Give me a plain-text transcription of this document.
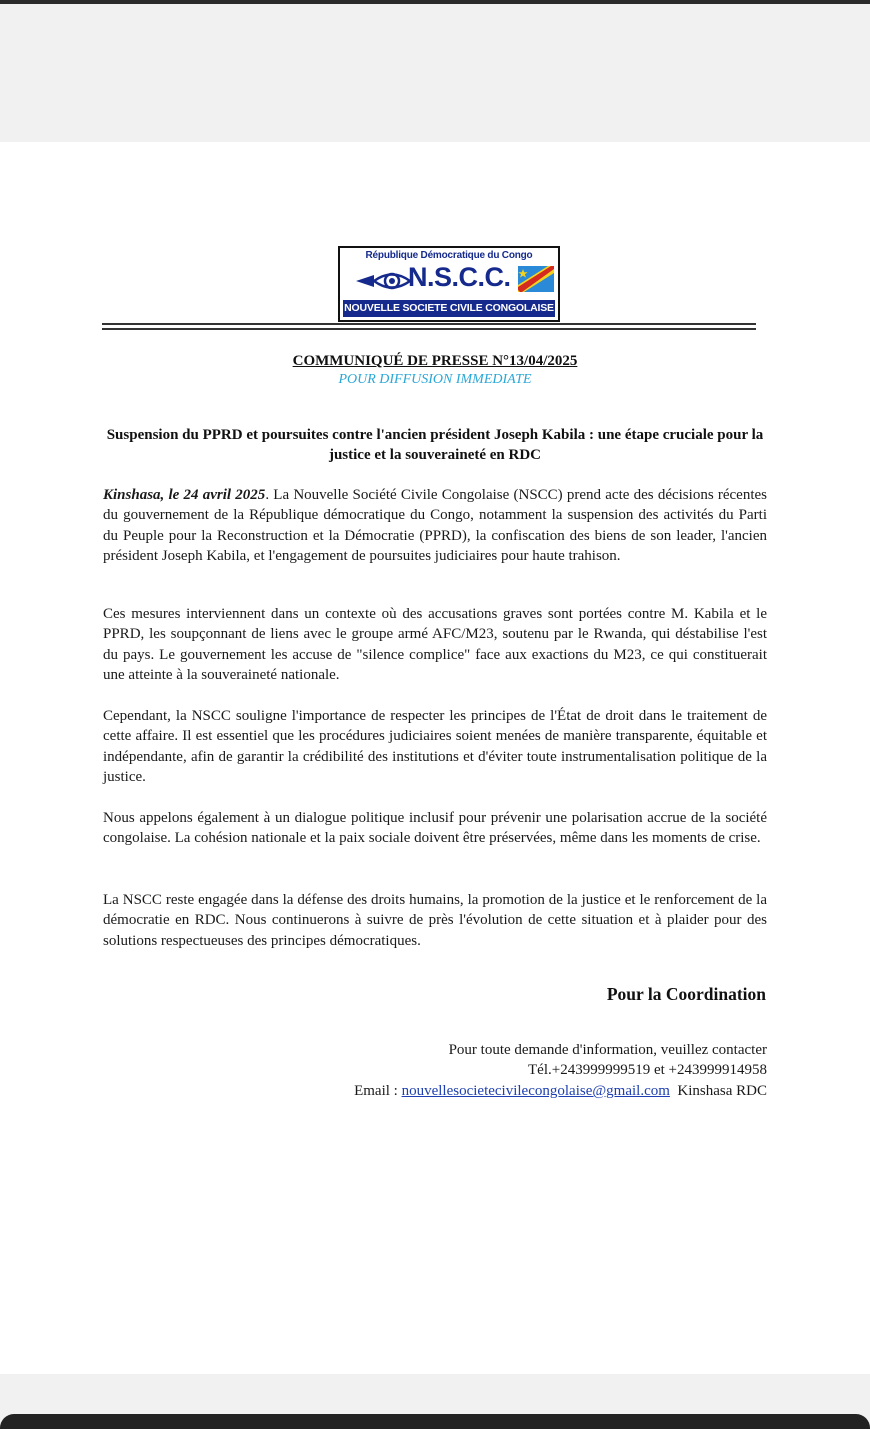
République Démocratique du Congo
N.S.C.C.
NOUVELLE SOCIETE CIVILE CONGOLAISE
COMMUNIQUÉ DE PRESSE N°13/04/2025
POUR DIFFUSION IMMEDIATE
Suspension du PPRD et poursuites contre l'ancien président Joseph Kabila : une étape cruciale pour la justice et la souveraineté en RDC

Kinshasa, le 24 avril 2025. La Nouvelle Société Civile Congolaise (NSCC) prend acte des décisions récentes du gouvernement de la République démocratique du Congo, notamment la suspension des activités du Parti du Peuple pour la Reconstruction et la Démocratie (PPRD), la confiscation des biens de son leader, l'ancien président Joseph Kabila, et l'engagement de poursuites judiciaires pour haute trahison.

Ces mesures interviennent dans un contexte où des accusations graves sont portées contre M. Kabila et le PPRD, les soupçonnant de liens avec le groupe armé AFC/M23, soutenu par le Rwanda, qui déstabilise l'est du pays. Le gouvernement les accuse de "silence complice" face aux exactions du M23, ce qui constituerait une atteinte à la souveraineté nationale.

Cependant, la NSCC souligne l'importance de respecter les principes de l'État de droit dans le traitement de cette affaire. Il est essentiel que les procédures judiciaires soient menées de manière transparente, équitable et indépendante, afin de garantir la crédibilité des institutions et d'éviter toute instrumentalisation politique de la justice.

Nous appelons également à un dialogue politique inclusif pour prévenir une polarisation accrue de la société congolaise. La cohésion nationale et la paix sociale doivent être préservées, même dans les moments de crise.

La NSCC reste engagée dans la défense des droits humains, la promotion de la justice et le renforcement de la démocratie en RDC. Nous continuerons à suivre de près l'évolution de cette situation et à plaider pour des solutions respectueuses des principes démocratiques.

Pour la Coordination
Pour toute demande d'information, veuillez contacter
Tél.+243999999519 et +243999914958
Email : nouvellesocietecivilecongolaise@gmail.com Kinshasa RDC
